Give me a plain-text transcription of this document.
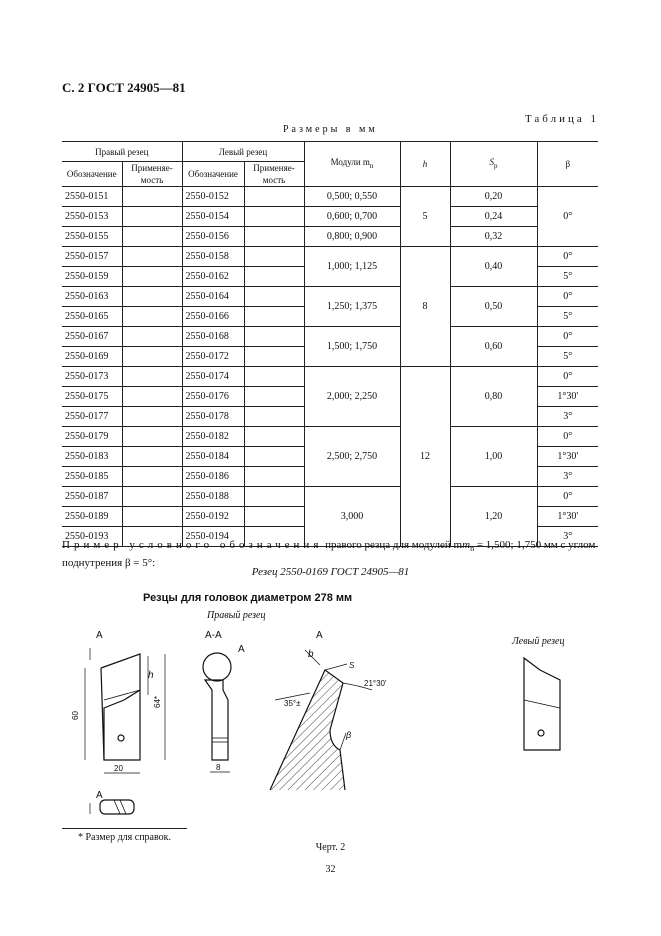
С. 2 ГОСТ 24905—81
Таблица 1
Размеры в мм
Правый резец		Левый резец		Модули $m_n$	h	$S_p$	β
Обозначение	Применяе-мость	Обозначение	Применяе-мость				
2550-0151		2550-0152		0,500; 0,550	5	0,20	0°
2550-0153		2550-0154		0,600; 0,700		0,24	
2550-0155		2550-0156		0,800; 0,900		0,32	
2550-0157		2550-0158		1,000; 1,125	8	0,40	0°
2550-0159		2550-0162					5°
2550-0163		2550-0164		1,250; 1,375		0,50	0°
2550-0165		2550-0166					5°
2550-0167		2550-0168		1,500; 1,750		0,60	0°
2550-0169		2550-0172					5°
2550-0173		2550-0174		2,000; 2,250	12	0,80	0°
2550-0175		2550-0176					1°30'
2550-0177		2550-0178					3°
2550-0179		2550-0182		2,500; 2,750		1,00	0°
2550-0183		2550-0184					1°30'
2550-0185		2550-0186					3°
2550-0187		2550-0188		3,000		1,20	0°
2550-0189		2550-0192					1°30'
2550-0193		2550-0194					3°
Пример условного обозначения правого резца для модулей $mm_n = 1,500$; 1,750 мм с углом поднутрения β = 5°:
Резец 2550-0169 ГОСТ 24905—81
Резцы для головок диаметром 278 мм
Правый резец
Левый резец
A	A-A
A
A
h
b
60
64*
20	8
S
35°±
21°30'
β
A
* Размер для справок.
Черт. 2
32
